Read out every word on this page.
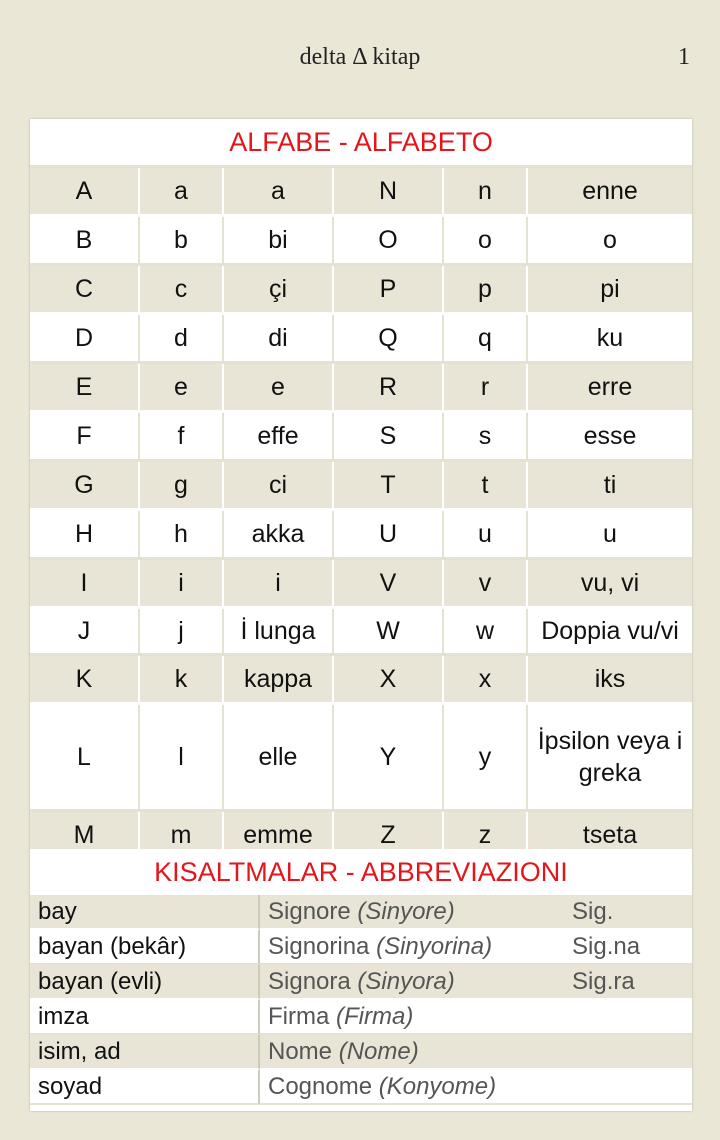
delta Δ kitap	1
ALFABE - ALFABETO					
A	a	a	N	n	enne
B	b	bi	O	o	o
C	c	çi	P	p	pi
D	d	di	Q	q	ku
E	e	e	R	r	erre
F	f	effe	S	s	esse
G	g	ci	T	t	ti
H	h	akka	U	u	u
I	i	i	V	v	vu, vi
J	j	İ lunga	W	w	Doppia vu/vi
K	k	kappa	X	x	iks
L	l	elle	Y	y	İpsilon veya i greka
M	m	emme	Z	z	tseta
KISALTMALAR - ABBREVIAZIONI
bay	Signore (Sinyore)	Sig.
bayan (bekâr)	Signorina (Sinyorina)	Sig.na
bayan (evli)	Signora (Sinyora)	Sig.ra
imza	Firma (Firma)	
isim, ad	Nome (Nome)	
soyad	Cognome (Konyome)	
